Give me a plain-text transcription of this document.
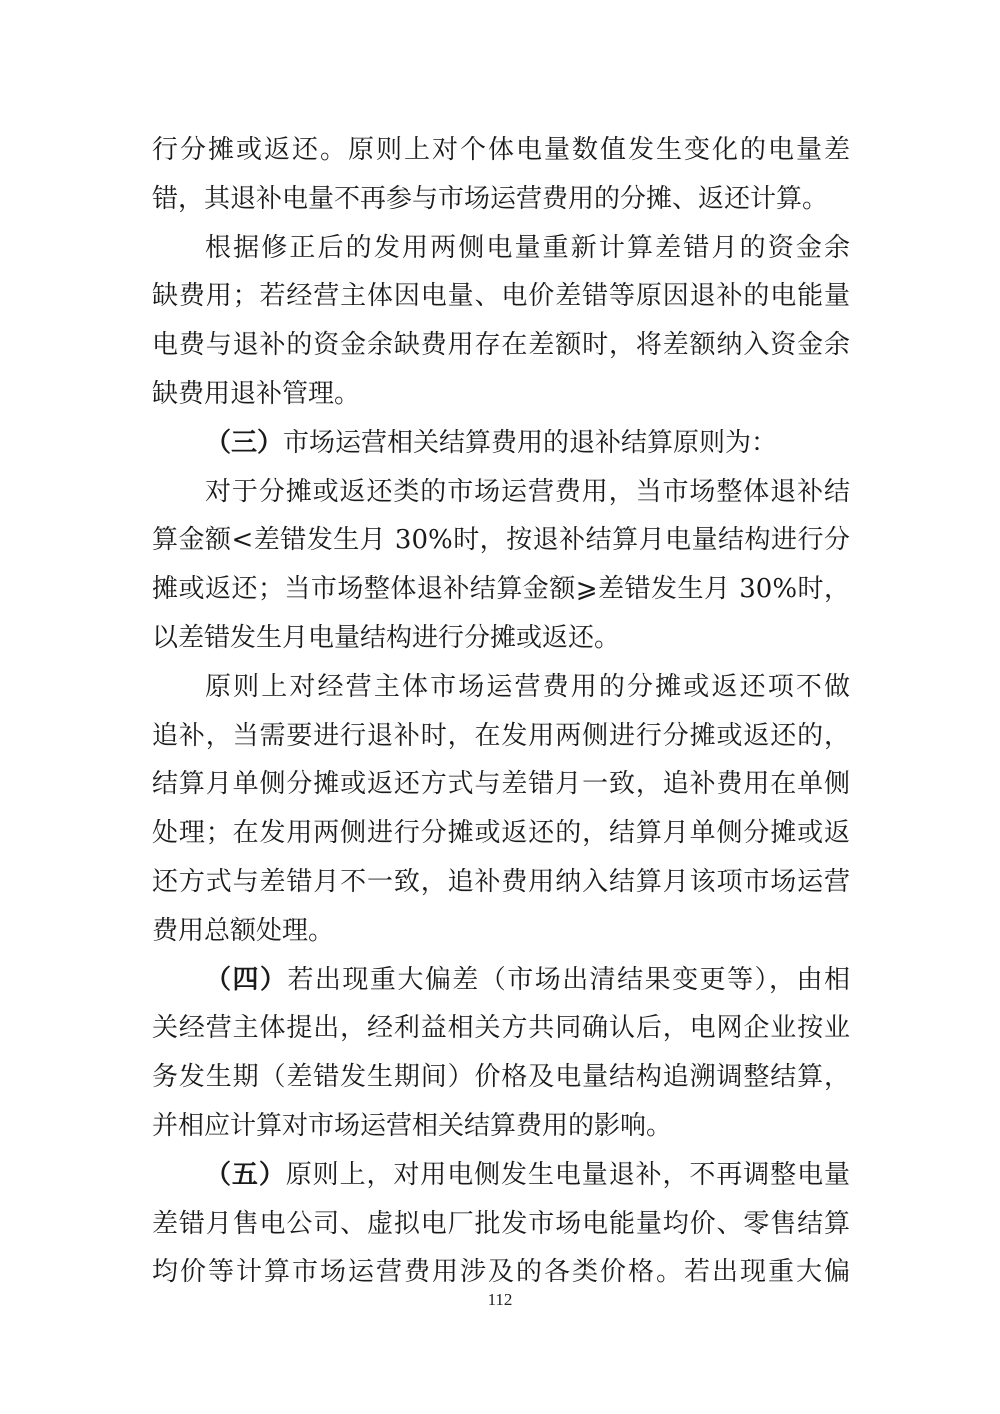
行分摊或返还。原则上对个体电量数值发生变化的电量差
错，其退补电量不再参与市场运营费用的分摊、返还计算。
根据修正后的发用两侧电量重新计算差错月的资金余
缺费用；若经营主体因电量、电价差错等原因退补的电能量
电费与退补的资金余缺费用存在差额时，将差额纳入资金余
缺费用退补管理。
（三）市场运营相关结算费用的退补结算原则为：
对于分摊或返还类的市场运营费用，当市场整体退补结
算金额<差错发生月 30%时，按退补结算月电量结构进行分
摊或返还；当市场整体退补结算金额⩾差错发生月 30%时，
以差错发生月电量结构进行分摊或返还。
原则上对经营主体市场运营费用的分摊或返还项不做
追补，当需要进行退补时，在发用两侧进行分摊或返还的，
结算月单侧分摊或返还方式与差错月一致，追补费用在单侧
处理；在发用两侧进行分摊或返还的，结算月单侧分摊或返
还方式与差错月不一致，追补费用纳入结算月该项市场运营
费用总额处理。
（四）若出现重大偏差（市场出清结果变更等），由相
关经营主体提出，经利益相关方共同确认后，电网企业按业
务发生期（差错发生期间）价格及电量结构追溯调整结算，
并相应计算对市场运营相关结算费用的影响。
（五）原则上，对用电侧发生电量退补，不再调整电量
差错月售电公司、虚拟电厂批发市场电能量均价、零售结算
均价等计算市场运营费用涉及的各类价格。若出现重大偏
112
